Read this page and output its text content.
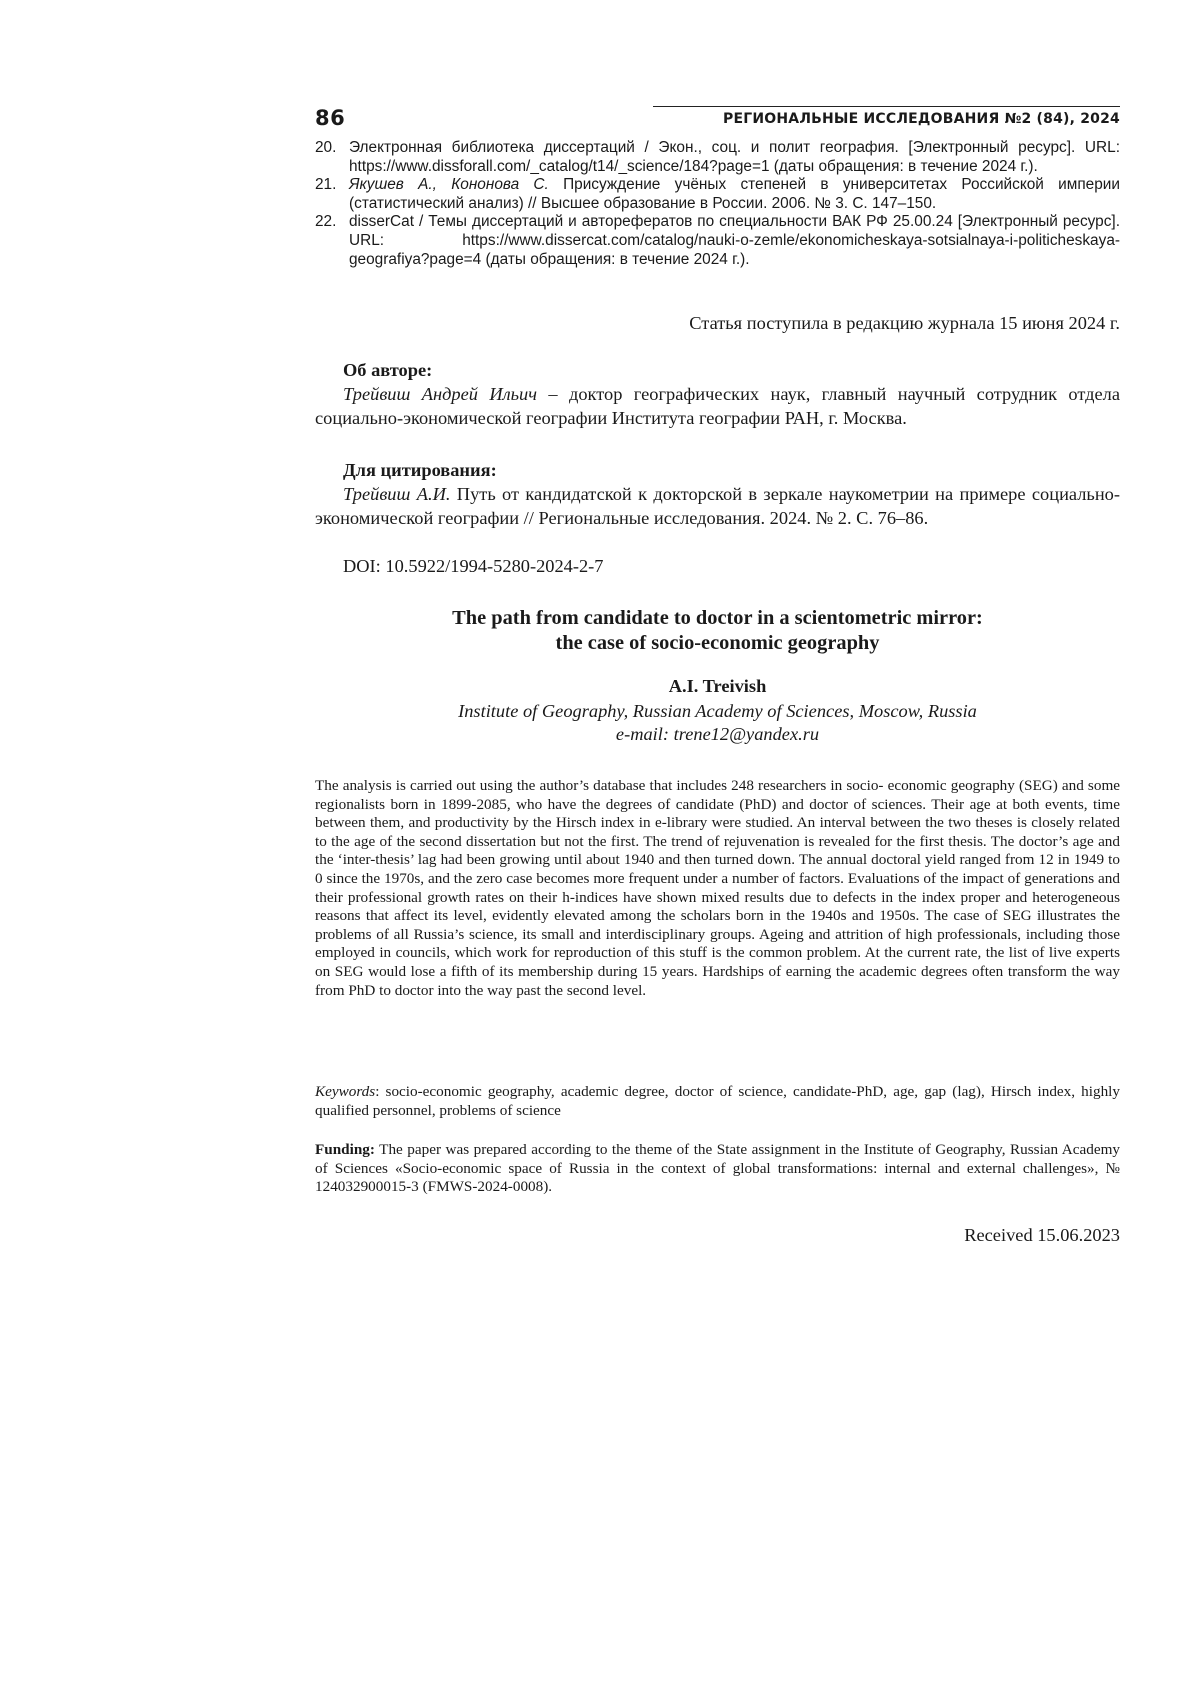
86	РЕГИОНАЛЬНЫЕ ИССЛЕДОВАНИЯ №2 (84), 2024
20. Электронная библиотека диссертаций / Экон., соц. и полит география. [Электронный ресурс]. URL: https://www.dissforall.com/_catalog/t14/_science/184?page=1 (даты обращения: в течение 2024 г.).
21. Якушев А., Кононова С. Присуждение учёных степеней в университетах Российской империи (статистический анализ) // Высшее образование в России. 2006. № 3. С. 147–150.
22. disserCat / Темы диссертаций и авторефератов по специальности ВАК РФ 25.00.24 [Электронный ресурс]. URL: https://www.dissercat.com/catalog/nauki-o-zemle/ekonomicheskaya-sotsialnaya-i-politicheskaya-geografiya?page=4 (даты обращения: в течение 2024 г.).
Статья поступила в редакцию журнала 15 июня 2024 г.
Об авторе:
Трейвиш Андрей Ильич – доктор географических наук, главный научный сотрудник отдела социально-экономической географии Института географии РАН, г. Москва.
Для цитирования:
Трейвиш А.И. Путь от кандидатской к докторской в зеркале наукометрии на примере социально-экономической географии // Региональные исследования. 2024. № 2. С. 76–86.
DOI: 10.5922/1994-5280-2024-2-7
The path from candidate to doctor in a scientometric mirror:
the case of socio-economic geography
A.I. Treivish
Institute of Geography, Russian Academy of Sciences, Moscow, Russia
e-mail: trene12@yandex.ru
The analysis is carried out using the author’s database that includes 248 researchers in socio- economic geography (SEG) and some regionalists born in 1899-2085, who have the degrees of candidate (PhD) and doctor of sciences. Their age at both events, time between them, and productivity by the Hirsch index in e-library were studied. An interval between the two theses is closely related to the age of the second dissertation but not the first. The trend of rejuvenation is revealed for the first thesis. The doctor’s age and the ‘inter-thesis’ lag had been growing until about 1940 and then turned down. The annual doctoral yield ranged from 12 in 1949 to 0 since the 1970s, and the zero case becomes more frequent under a number of factors. Evaluations of the impact of generations and their professional growth rates on their h-indices have shown mixed results due to defects in the index proper and heterogeneous reasons that affect its level, evidently elevated among the scholars born in the 1940s and 1950s. The case of SEG illustrates the problems of all Russia’s science, its small and interdisciplinary groups. Ageing and attrition of high professionals, including those employed in councils, which work for reproduction of this stuff is the common problem. At the current rate, the list of live experts on SEG would lose a fifth of its membership during 15 years. Hardships of earning the academic degrees often transform the way from PhD to doctor into the way past the second level.
Keywords: socio-economic geography, academic degree, doctor of science, candidate-PhD, age, gap (lag), Hirsch index, highly qualified personnel, problems of science
Funding: The paper was prepared according to the theme of the State assignment in the Institute of Geography, Russian Academy of Sciences «Socio-economic space of Russia in the context of global transformations: internal and external challenges», № 124032900015-3 (FMWS-2024-0008).
Received 15.06.2023
